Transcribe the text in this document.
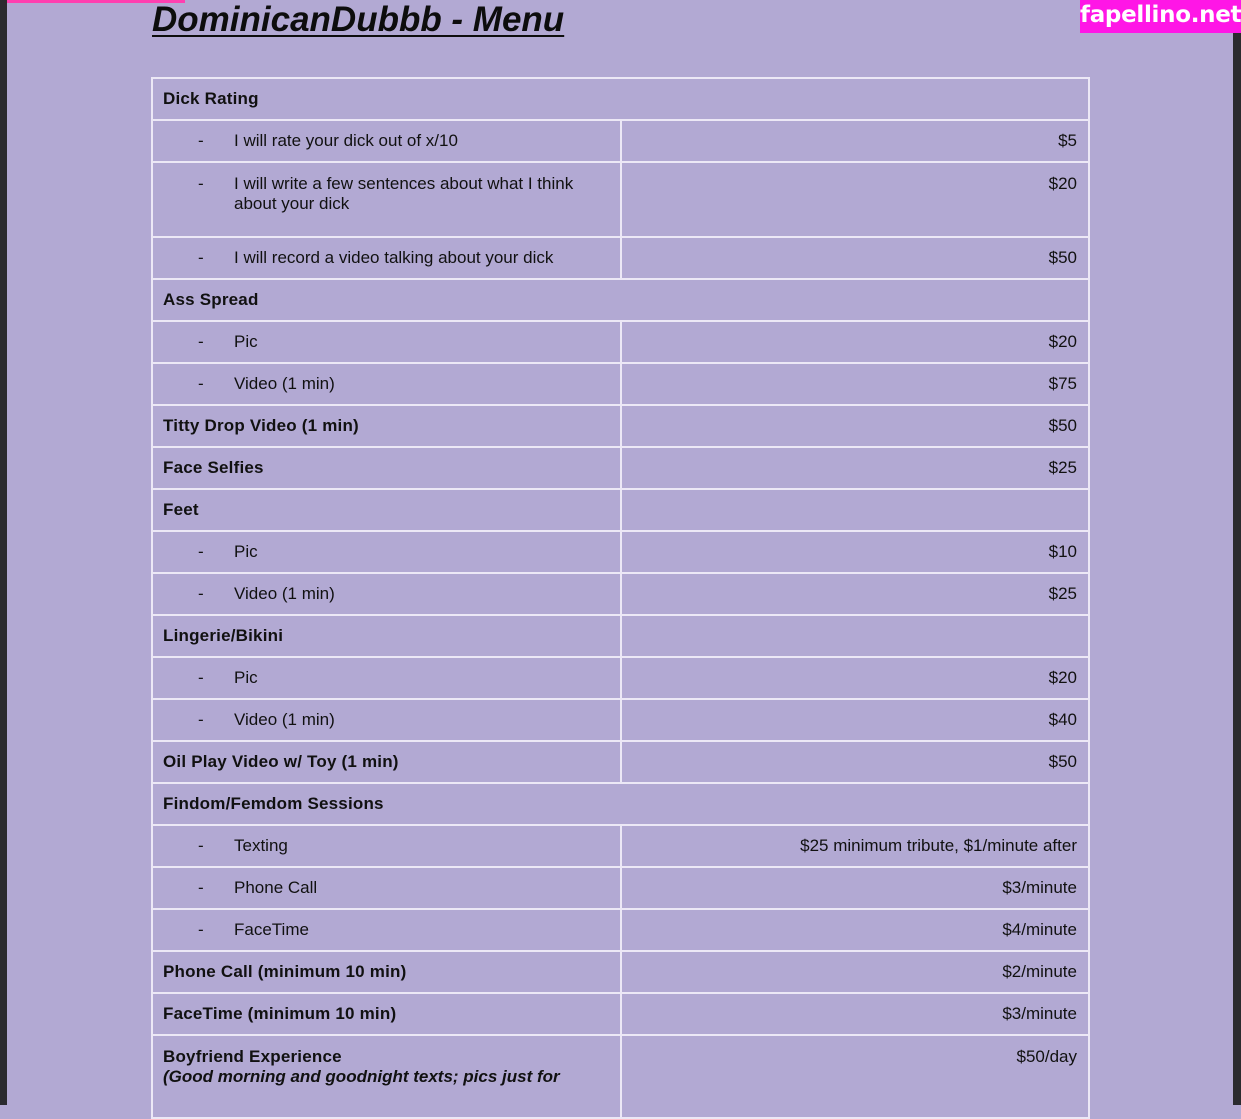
fapellino.net
DominicanDubbb - Menu
Dick Rating	

- I will rate your dick out of x/10	$5

- I will write a few sentences about what I think about your dick	$20

- I will record a video talking about your dick	$50
Ass Spread	

- Pic	$20

- Video (1 min)	$75
Titty Drop Video (1 min)	$50
Face Selfies	$25
Feet	

- Pic	$10

- Video (1 min)	$25
Lingerie/Bikini	

- Pic	$20

- Video (1 min)	$40
Oil Play Video w/ Toy (1 min)	$50
Findom/Femdom Sessions	

- Texting	$25 minimum tribute, $1/minute after

- Phone Call	$3/minute

- FaceTime	$4/minute
Phone Call (minimum 10 min)	$2/minute
FaceTime (minimum 10 min)	$3/minute
Boyfriend Experience
(Good morning and goodnight texts; pics just for	$50/day
